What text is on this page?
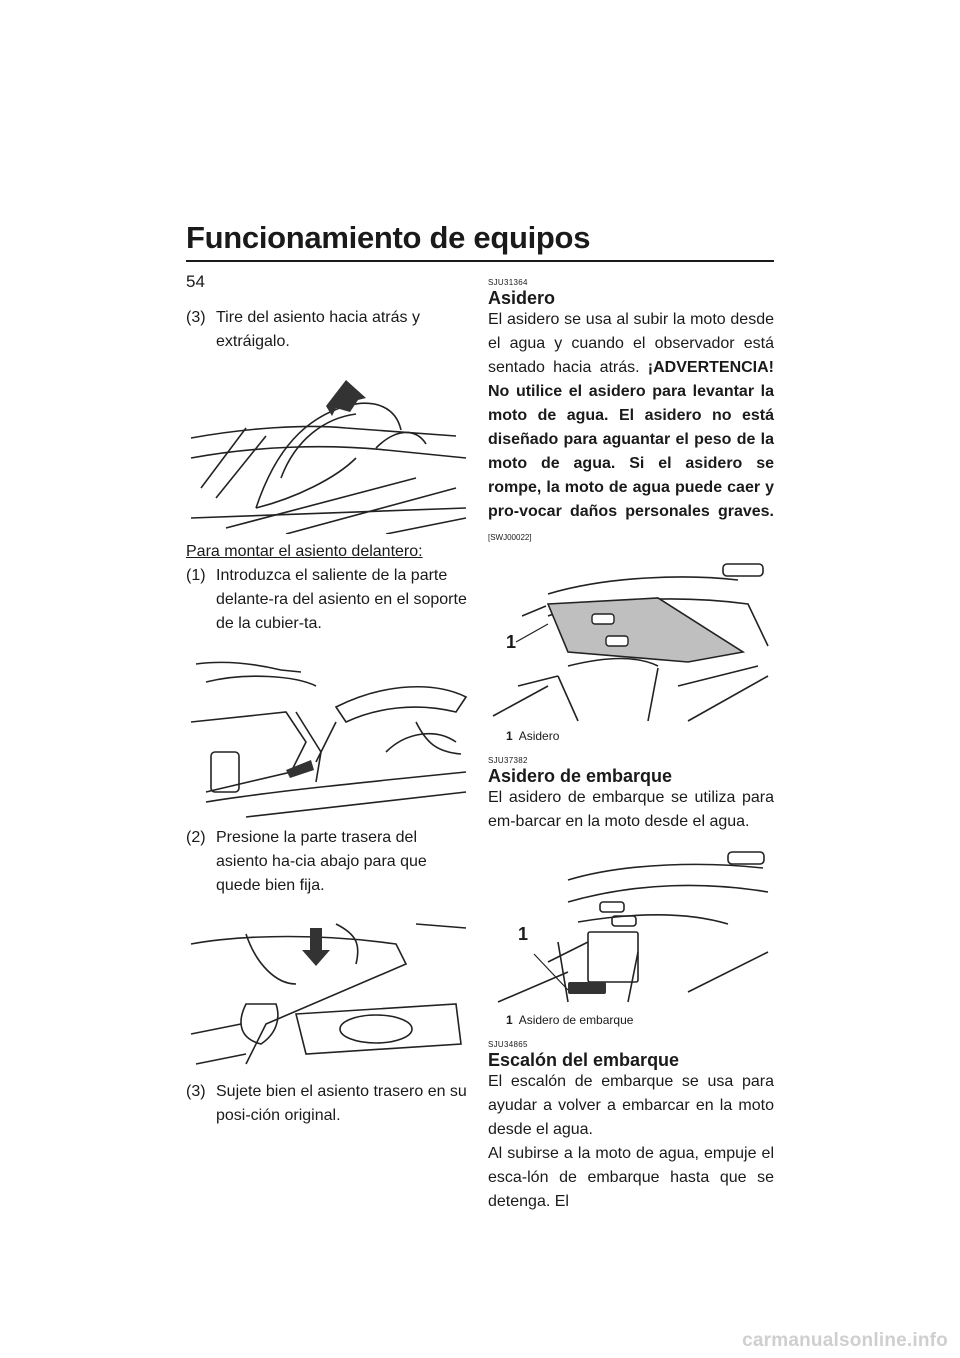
Funcionamiento de equipos
54

(3) Tire del asiento hacia atrás y extráigalo.

Para montar el asiento delantero:

(1) Introduzca el saliente de la parte delante-ra del asiento en el soporte de la cubier-ta.

(2) Presione la parte trasera del asiento ha-cia abajo para que quede bien fija.

(3) Sujete bien el asiento trasero en su posi-ción original.

SJU31364
Asidero

El asidero se usa al subir la moto desde el agua y cuando el observador está sentado hacia atrás. ¡ADVERTENCIA! No utilice el asidero para levantar la moto de agua. El asidero no está diseñado para aguantar el peso de la moto de agua. Si el asidero se rompe, la moto de agua puede caer y pro-vocar daños personales graves. [SWJ00022]

1

1 Asidero

SJU37382
Asidero de embarque

El asidero de embarque se utiliza para em-barcar en la moto desde el agua.

1

1 Asidero de embarque

SJU34865
Escalón del embarque

El escalón de embarque se usa para ayudar a volver a embarcar en la moto desde el agua.

Al subirse a la moto de agua, empuje el esca-lón de embarque hasta que se detenga. El

carmanualsonline.info
